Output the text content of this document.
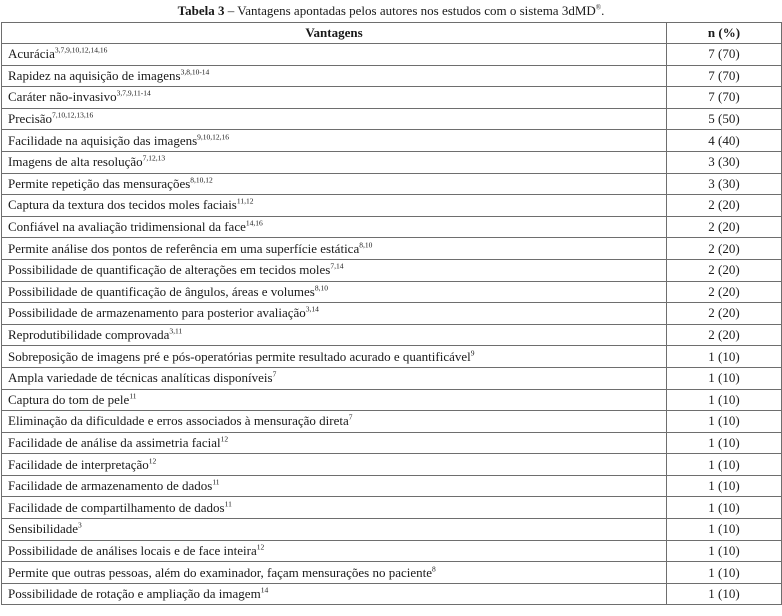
Tabela 3 – Vantagens apontadas pelos autores nos estudos com o sistema 3dMD®.
Vantagens	n (%)
Acurácia$^{3,7,9,10,12,14,16}$	7 (70)
Rapidez na aquisição de imagens$^{3,8,10-14}$	7 (70)
Caráter não-invasivo$^{3,7,9,11-14}$	7 (70)
Precisão$^{7,10,12,13,16}$	5 (50)
Facilidade na aquisição das imagens$^{9,10,12,16}$	4 (40)
Imagens de alta resolução$^{7,12,13}$	3 (30)
Permite repetição das mensurações$^{8,10,12}$	3 (30)
Captura da textura dos tecidos moles faciais$^{11,12}$	2 (20)
Confiável na avaliação tridimensional da face$^{14,16}$	2 (20)
Permite análise dos pontos de referência em uma superfície estática$^{8,10}$	2 (20)
Possibilidade de quantificação de alterações em tecidos moles$^{7,14}$	2 (20)
Possibilidade de quantificação de ângulos, áreas e volumes$^{8,10}$	2 (20)
Possibilidade de armazenamento para posterior avaliação$^{3,14}$	2 (20)
Reprodutibilidade comprovada$^{3,11}$	2 (20)
Sobreposição de imagens pré e pós-operatórias permite resultado acurado e quantificável$^9$	1 (10)
Ampla variedade de técnicas analíticas disponíveis$^7$	1 (10)
Captura do tom de pele$^{11}$	1 (10)
Eliminação da dificuldade e erros associados à mensuração direta$^7$	1 (10)
Facilidade de análise da assimetria facial$^{12}$	1 (10)
Facilidade de interpretação$^{12}$	1 (10)
Facilidade de armazenamento de dados$^{11}$	1 (10)
Facilidade de compartilhamento de dados$^{11}$	1 (10)
Sensibilidade$^3$	1 (10)
Possibilidade de análises locais e de face inteira$^{12}$	1 (10)
Permite que outras pessoas, além do examinador, façam mensurações no paciente$^8$	1 (10)
Possibilidade de rotação e ampliação da imagem$^{14}$	1 (10)
